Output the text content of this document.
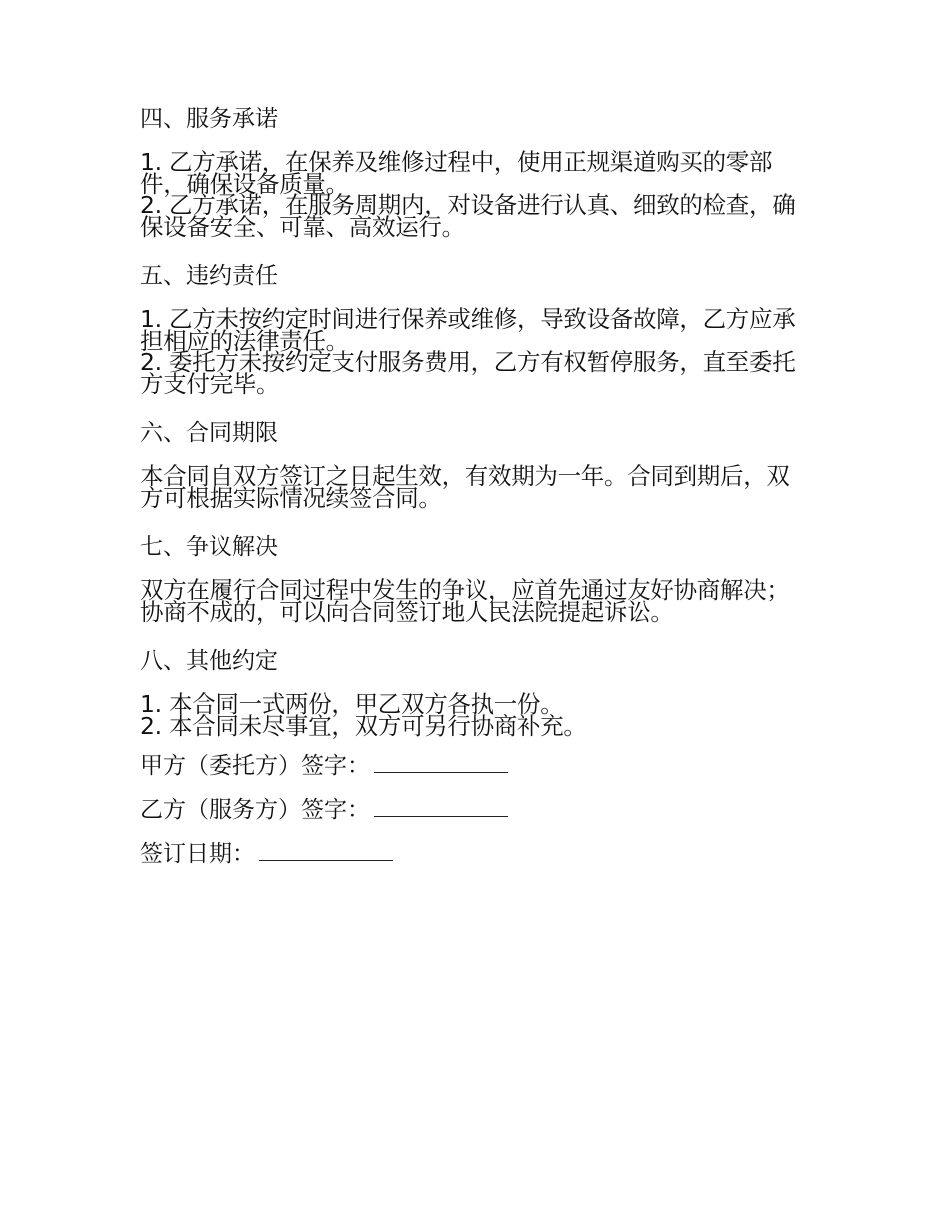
四、服务承诺

1. 乙方承诺，在保养及维修过程中，使用正规渠道购买的零部件，确保设备质量。

2. 乙方承诺，在服务周期内，对设备进行认真、细致的检查，确保设备安全、可靠、高效运行。

五、违约责任

1. 乙方未按约定时间进行保养或维修，导致设备故障，乙方应承担相应的法律责任。

2. 委托方未按约定支付服务费用，乙方有权暂停服务，直至委托方支付完毕。

六、合同期限

本合同自双方签订之日起生效，有效期为一年。合同到期后，双方可根据实际情况续签合同。

七、争议解决

双方在履行合同过程中发生的争议，应首先通过友好协商解决；协商不成的，可以向合同签订地人民法院提起诉讼。

八、其他约定

1. 本合同一式两份，甲乙双方各执一份。

2. 本合同未尽事宜，双方可另行协商补充。

甲方（委托方）签字：
乙方（服务方）签字：
签订日期：
